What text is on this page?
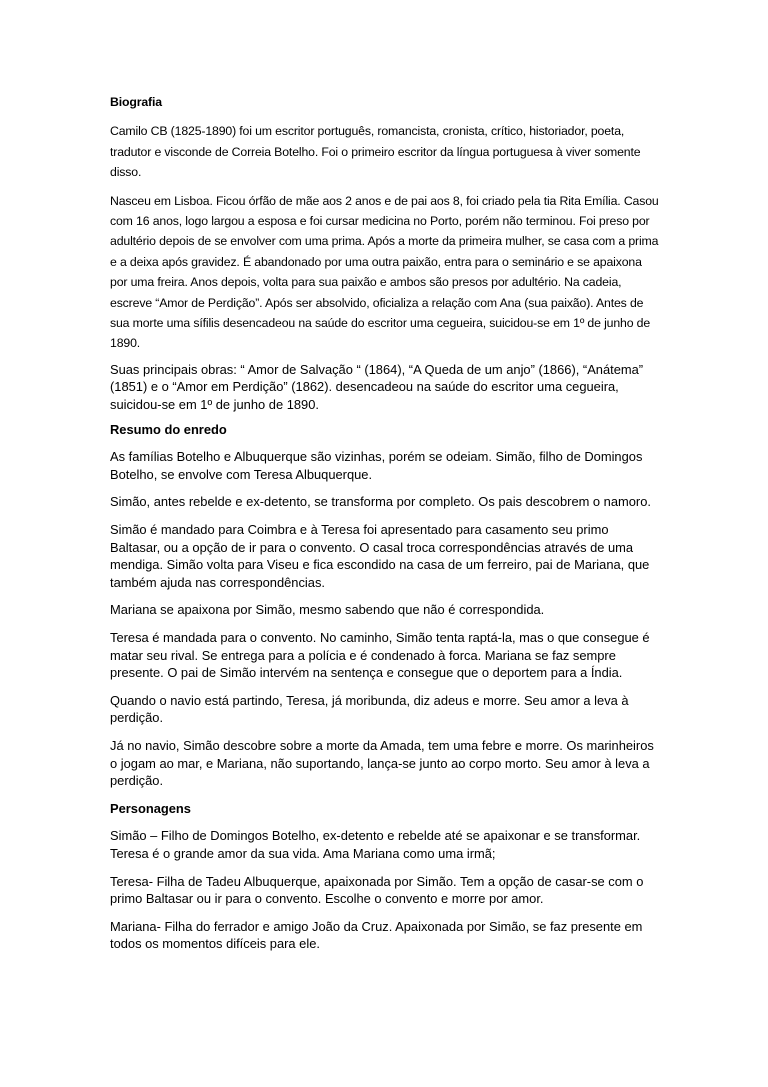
Biografia

Camilo CB (1825-1890) foi um escritor português, romancista, cronista, crítico, historiador, poeta, tradutor e visconde de Correia Botelho. Foi o primeiro escritor da língua portuguesa à viver somente disso.

Nasceu em Lisboa. Ficou órfão de mãe aos 2 anos e de pai aos 8, foi criado pela tia Rita Emília. Casou com 16 anos, logo largou a esposa e foi cursar medicina no Porto, porém não terminou. Foi preso por adultério depois de se envolver com uma prima. Após a morte da primeira mulher, se casa com a prima e a deixa após gravidez. É abandonado por uma outra paixão, entra para o seminário e se apaixona por uma freira. Anos depois, volta para sua paixão e ambos são presos por adultério. Na cadeia, escreve “Amor de Perdição”. Após ser absolvido, oficializa a relação com Ana (sua paixão). Antes de sua morte uma sífilis desencadeou na saúde do escritor uma cegueira, suicidou-se em 1º de junho de 1890.

Suas principais obras: “ Amor de Salvação “ (1864), “A Queda de um anjo” (1866), “Anátema” (1851) e o “Amor em Perdição” (1862). desencadeou na saúde do escritor uma cegueira, suicidou-se em 1º de junho de 1890.

Resumo do enredo

As famílias Botelho e Albuquerque são vizinhas, porém se odeiam. Simão, filho de Domingos Botelho, se envolve com Teresa Albuquerque.

Simão, antes rebelde e ex-detento, se transforma por completo. Os pais descobrem o namoro.

Simão é mandado para Coimbra e à Teresa foi apresentado para casamento seu primo Baltasar, ou a opção de ir para o convento. O casal troca correspondências através de uma mendiga. Simão volta para Viseu e fica escondido na casa de um ferreiro, pai de Mariana, que também ajuda nas correspondências.

Mariana se apaixona por Simão, mesmo sabendo que não é correspondida.

Teresa é mandada para o convento. No caminho, Simão tenta raptá-la, mas o que consegue é matar seu rival. Se entrega para a polícia e é condenado à forca. Mariana se faz sempre presente. O pai de Simão intervém na sentença e consegue que o deportem para a Índia.

Quando o navio está partindo, Teresa, já moribunda, diz adeus e morre. Seu amor a leva à perdição.

Já no navio, Simão descobre sobre a morte da Amada, tem uma febre e morre. Os marinheiros o jogam ao mar, e Mariana, não suportando, lança-se junto ao corpo morto. Seu amor à leva a perdição.

Personagens

Simão – Filho de Domingos Botelho, ex-detento e rebelde até se apaixonar e se transformar. Teresa é o grande amor da sua vida. Ama Mariana como uma irmã;

Teresa- Filha de Tadeu Albuquerque, apaixonada por Simão. Tem a opção de casar-se com o primo Baltasar ou ir para o convento. Escolhe o convento e morre por amor.

Mariana- Filha do ferrador e amigo João da Cruz. Apaixonada por Simão, se faz presente em todos os momentos difíceis para ele.
